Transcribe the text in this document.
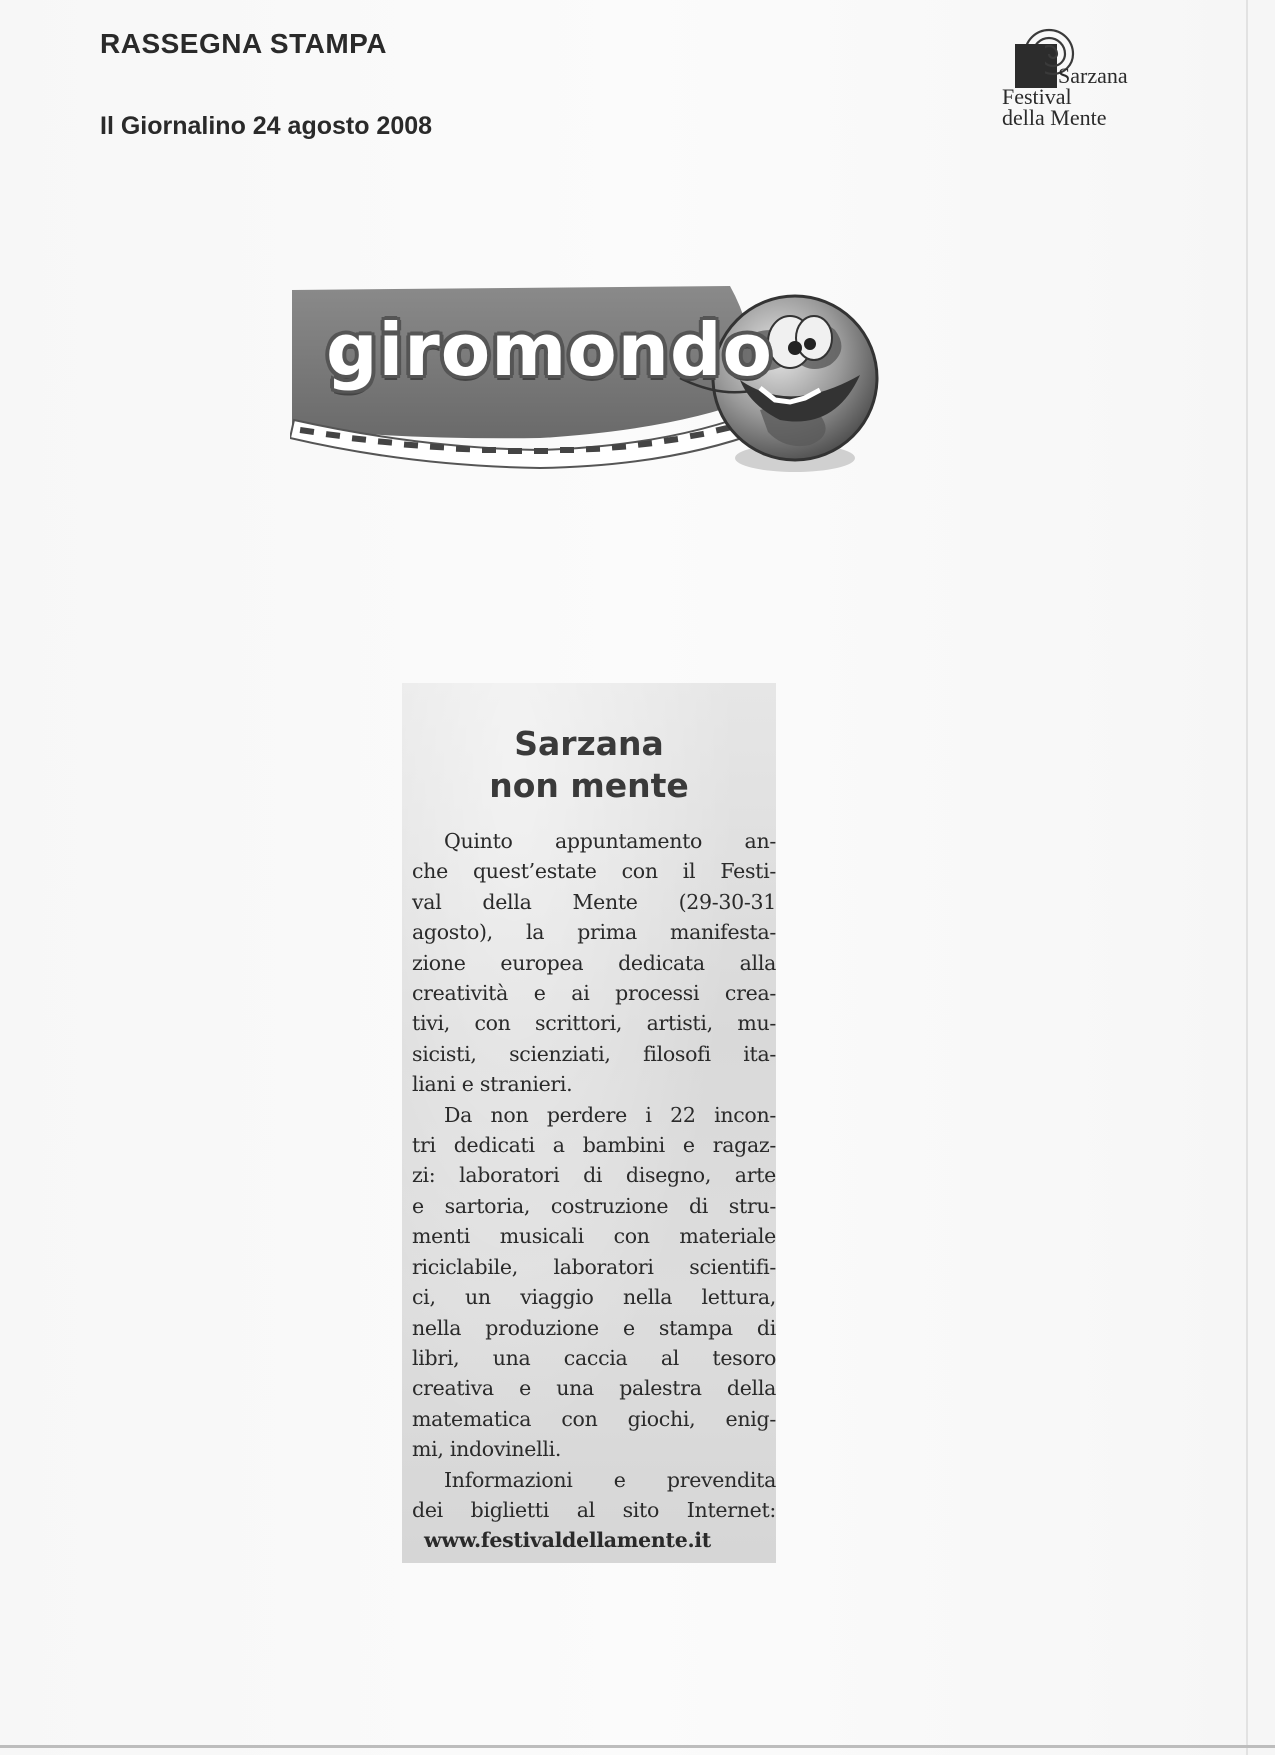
RASSEGNA STAMPA
Il Giornalino 24 agosto 2008
Sarzana
Festival
della Mente
giromondo
Sarzana
non mente
Quinto appuntamento an-
che quest’estate con il Festi-
val della Mente (29-30-31
agosto), la prima manifesta-
zione europea dedicata alla
creatività e ai processi crea-
tivi, con scrittori, artisti, mu-
sicisti, scienziati, filosofi ita-
liani e stranieri.
Da non perdere i 22 incon-
tri dedicati a bambini e ragaz-
zi: laboratori di disegno, arte
e sartoria, costruzione di stru-
menti musicali con materiale
riciclabile, laboratori scientifi-
ci, un viaggio nella lettura,
nella produzione e stampa di
libri, una caccia al tesoro
creativa e una palestra della
matematica con giochi, enig-
mi, indovinelli.
Informazioni e prevendita
dei biglietti al sito Internet:
www.festivaldellamente.it
